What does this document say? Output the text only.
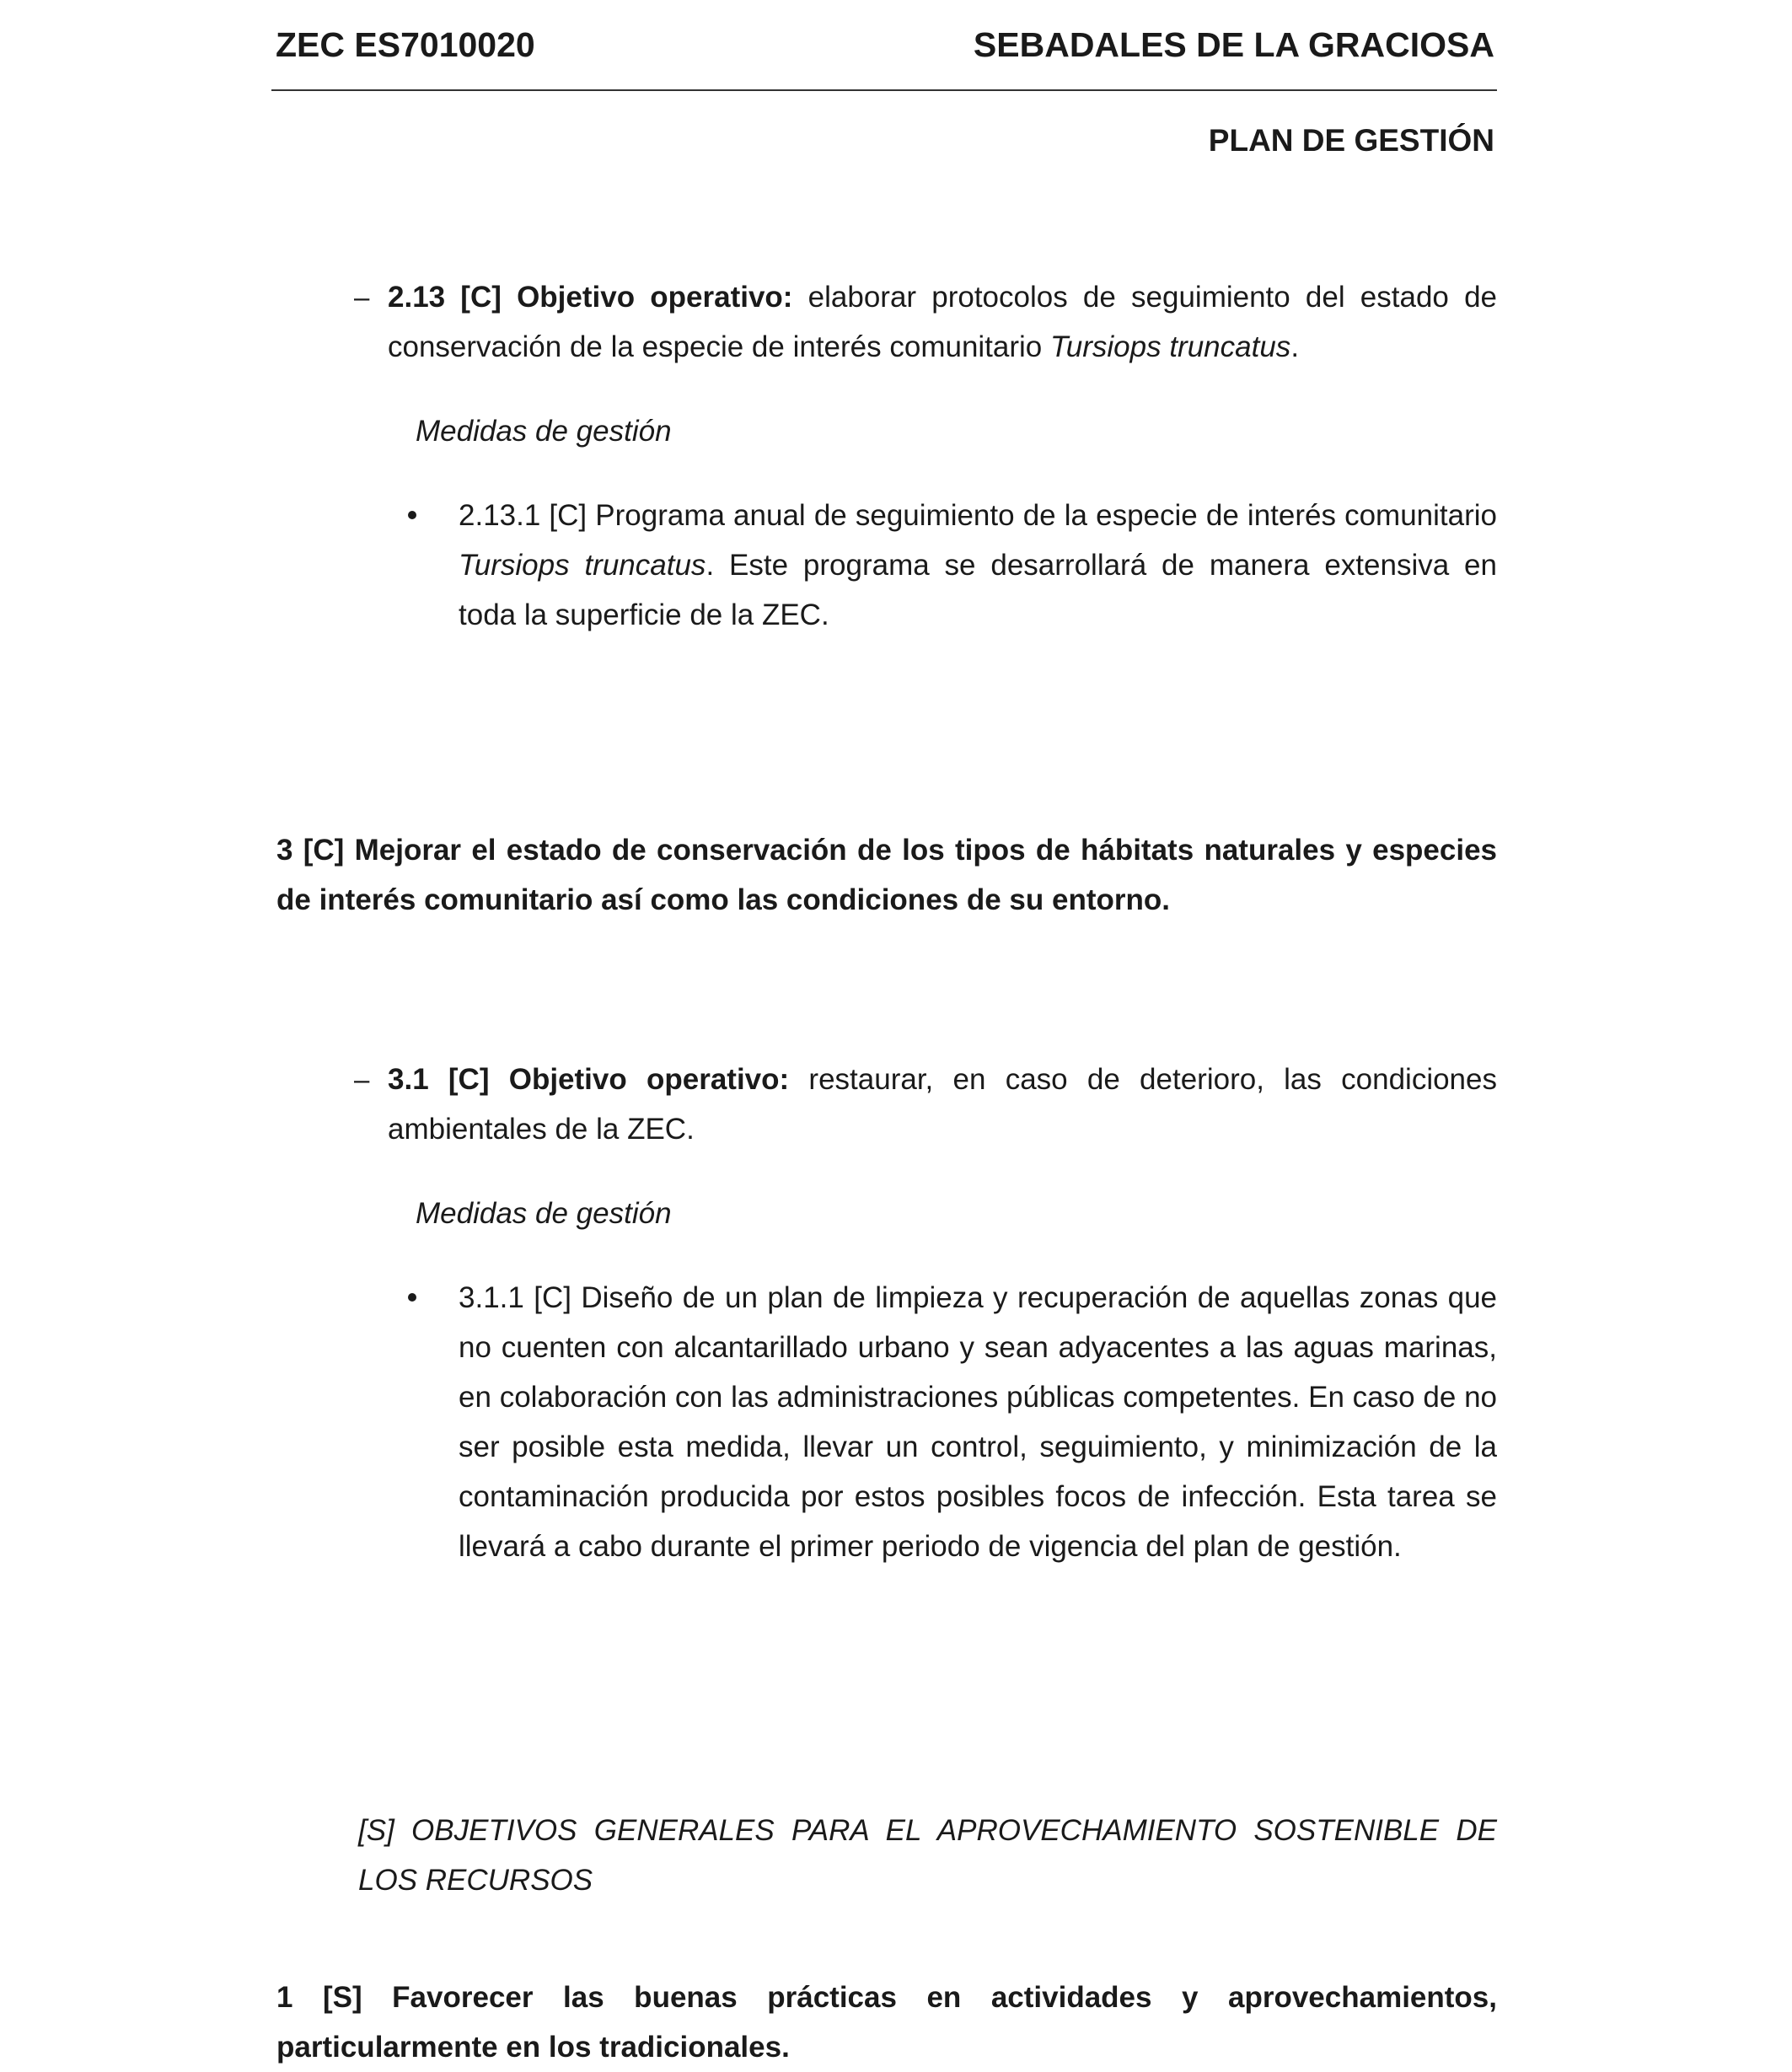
ZEC ES7010020	SEBADALES DE LA GRACIOSA
PLAN DE GESTIÓN
– 2.13 [C] Objetivo operativo: elaborar protocolos de seguimiento del estado de conservación de la especie de interés comunitario Tursiops truncatus.
Medidas de gestión
2.13.1 [C] Programa anual de seguimiento de la especie de interés comunitario Tursiops truncatus. Este programa se desarrollará de manera extensiva en toda la superficie de la ZEC.
3 [C] Mejorar el estado de conservación de los tipos de hábitats naturales y especies de interés comunitario así como las condiciones de su entorno.
– 3.1 [C] Objetivo operativo: restaurar, en caso de deterioro, las condiciones ambientales de la ZEC.
Medidas de gestión
3.1.1 [C] Diseño de un plan de limpieza y recuperación de aquellas zonas que no cuenten con alcantarillado urbano y sean adyacentes a las aguas marinas, en colaboración con las administraciones públicas competentes. En caso de no ser posible esta medida, llevar un control, seguimiento, y minimización de la contaminación producida por estos posibles focos de infección. Esta tarea se llevará a cabo durante el primer periodo de vigencia del plan de gestión.
[S] OBJETIVOS GENERALES PARA EL APROVECHAMIENTO SOSTENIBLE DE LOS RECURSOS
1 [S] Favorecer las buenas prácticas en actividades y aprovechamientos, particularmente en los tradicionales.
